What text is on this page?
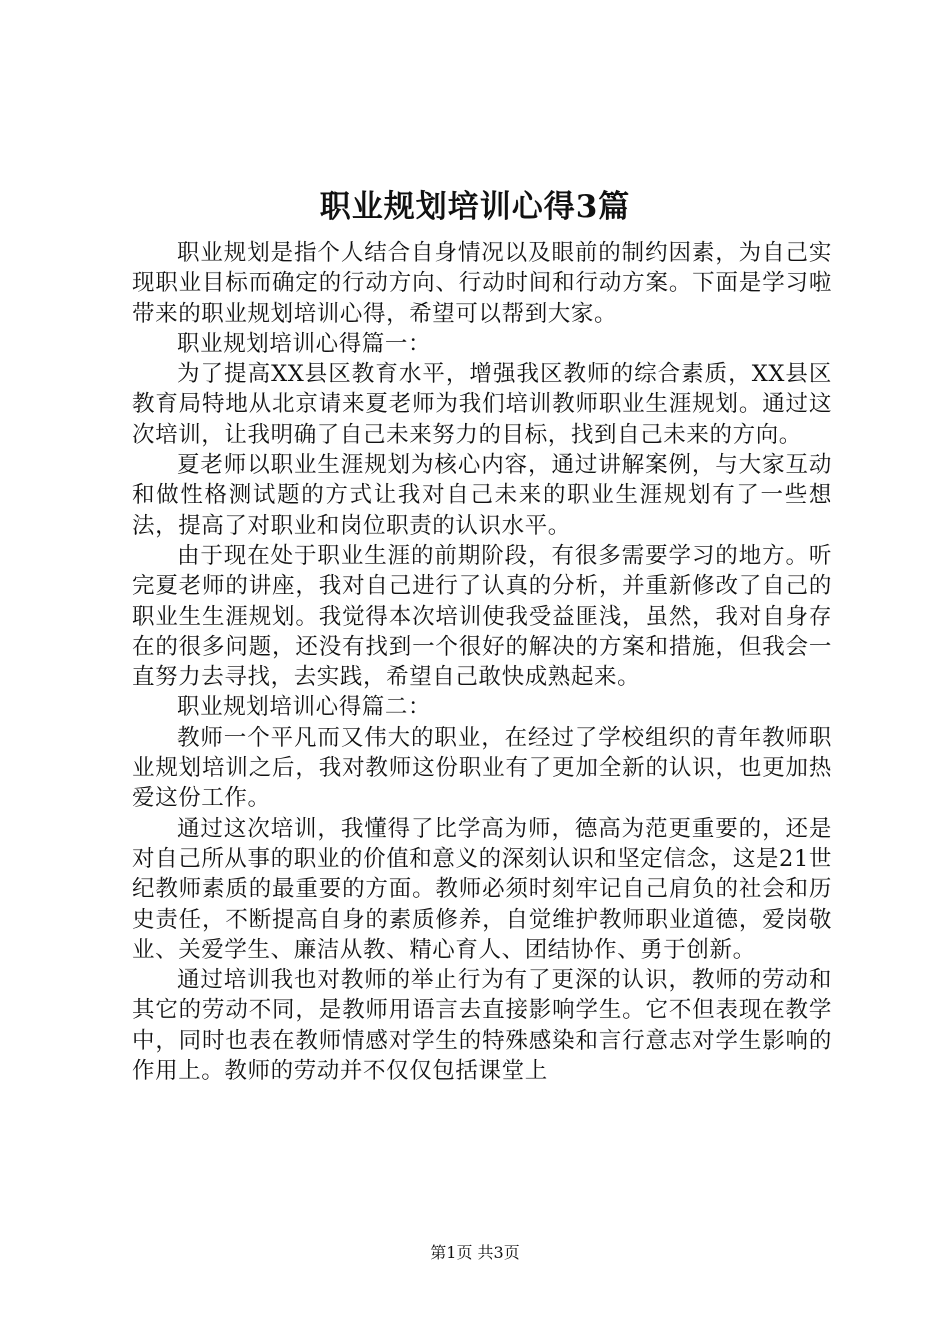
职业规划培训心得3篇

职业规划是指个人结合自身情况以及眼前的制约因素，为自己实现职业目标而确定的行动方向、行动时间和行动方案。下面是学习啦带来的职业规划培训心得，希望可以帮到大家。

职业规划培训心得篇一：

为了提高XX县区教育水平，增强我区教师的综合素质，XX县区教育局特地从北京请来夏老师为我们培训教师职业生涯规划。通过这次培训，让我明确了自己未来努力的目标，找到自己未来的方向。

夏老师以职业生涯规划为核心内容，通过讲解案例，与大家互动和做性格测试题的方式让我对自己未来的职业生涯规划有了一些想法，提高了对职业和岗位职责的认识水平。

由于现在处于职业生涯的前期阶段，有很多需要学习的地方。听完夏老师的讲座，我对自己进行了认真的分析，并重新修改了自己的职业生生涯规划。我觉得本次培训使我受益匪浅，虽然，我对自身存在的很多问题，还没有找到一个很好的解决的方案和措施，但我会一直努力去寻找，去实践，希望自己敢快成熟起来。

职业规划培训心得篇二：

教师一个平凡而又伟大的职业，在经过了学校组织的青年教师职业规划培训之后，我对教师这份职业有了更加全新的认识，也更加热爱这份工作。

通过这次培训，我懂得了比学高为师，德高为范更重要的，还是对自己所从事的职业的价值和意义的深刻认识和坚定信念，这是21世纪教师素质的最重要的方面。教师必须时刻牢记自己肩负的社会和历史责任，不断提高自身的素质修养，自觉维护教师职业道德，爱岗敬业、关爱学生、廉洁从教、精心育人、团结协作、勇于创新。

通过培训我也对教师的举止行为有了更深的认识，教师的劳动和其它的劳动不同，是教师用语言去直接影响学生。它不但表现在教学中，同时也表在教师情感对学生的特殊感染和言行意志对学生影响的作用上。教师的劳动并不仅仅包括课堂上

第1页 共3页
